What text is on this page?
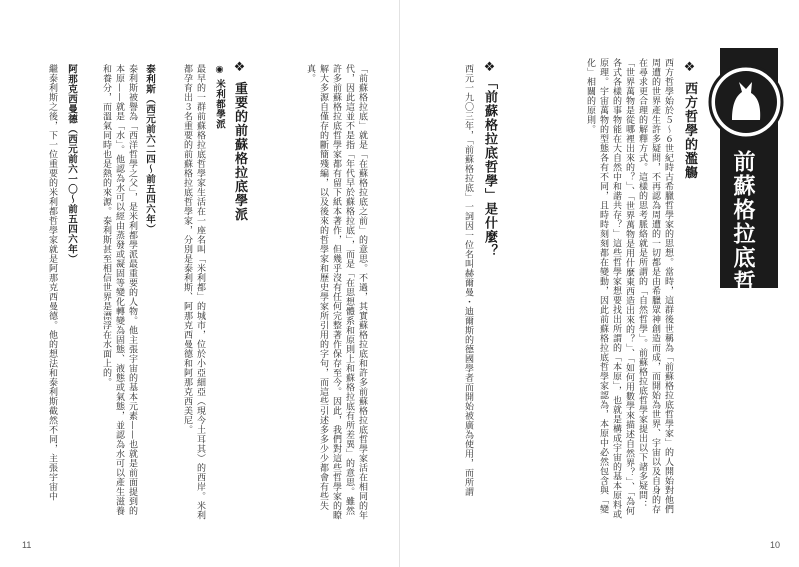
前蘇格拉底哲學
❖ 西方哲學的濫觴
西方哲學始於５～６世紀時古希臘哲學家的思想。當時，這群後世稱為「前蘇格拉底哲學家」的人開始對他們周遭的世界產生許多疑問，不再認為周遭的一切都是由希臘眾神創造而成，而開始為世界、宇宙以及自身的存在尋求更合理的解釋方式。這樣的思考脈絡就是所謂的「自然哲學」。前蘇格拉底哲學家提出以下諸多疑問：「世界萬物是從哪裡出來的？」、「世界萬物是用什麼東西造出來的？」、「如何用數學來描述自然界？」、「為何各式各樣的事物能在大自然中和諧共存？」這些哲學家想要找出所謂的「本原」，也就是構成宇宙的基本原料或原理。宇宙萬物的型態各有不同，且時時刻刻都在變動，因此前蘇格拉底哲學家認為，本原中必然包含與「變化」相關的原則。
❖「前蘇格拉底哲學」是什麼？
西元一九〇三年，「前蘇格拉底」一詞因一位名叫赫爾曼・迪爾斯的德國學者而開始被廣為使用，而所謂
10
「前蘇格拉底」就是「在蘇格拉底之前」的意思。不過，其實蘇格拉底和許多前蘇格拉底哲學家活在相同的年代，因此這並不是指「年代早於蘇格拉底」，而是「在思想體系和原則上和蘇格拉底有所差異」的意思。雖然許多前蘇格拉底哲學家都有留下紙本著作，但幾乎沒有任何完整著作保存至今。因此，我們對這些哲學家的瞭解大多源自僅存的斷簡殘編，以及後來的哲學家和歷史學家所引用的字句，而這些引述多多少少都會有些失真。
❖ 重要的前蘇格拉底學派
◉ 米利都學派
最早的一群前蘇格拉底哲學家生活在一座名叫「米利都」的城市，位於小亞細亞（現今土耳其）的西岸。米利都孕育出３名重要的前蘇格拉底哲學家，分別是泰利斯、阿那克西曼德和阿那克西美尼。
泰利斯（西元前六二四～前五四六年）
泰利斯被譽為「西洋哲學之父」，是米利都學派最重要的人物。他主張宇宙的基本元素——也就是前面提到的本原——就是「水」。他認為水可以經由蒸發或凝固等變化轉變為固態、液態或氣態，並認為水可以產生滋養和養分，而溫氣同時也是熱的來源。泰利斯甚至相信世界是漂浮在水面上的。
阿那克西曼德（西元前六一〇～前五四六年）
繼泰利斯之後，下一位重要的米利都哲學家就是阿那克西曼德。他的想法和泰利斯截然不同，主張宇宙中
11
